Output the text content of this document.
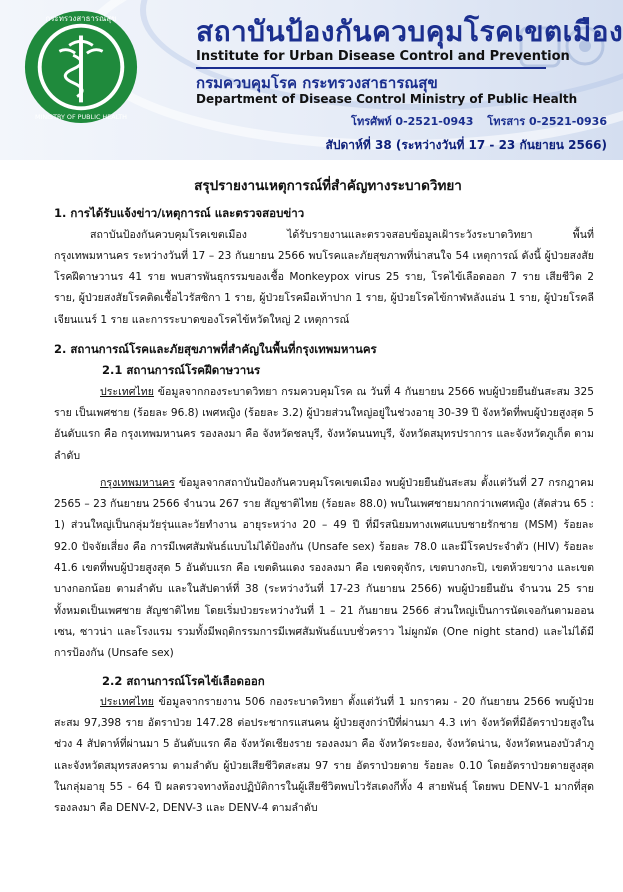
กระทรวงสาธารณสุข
MINISTRY OF PUBLIC HEALTH
สถาบันป้องกันควบคุมโรคเขตเมือง
Institute for Urban Disease Control and Prevention
กรมควบคุมโรค กระทรวงสาธารณสุข
Department of Disease Control Ministry of Public Health
โทรศัพท์ 0-2521-0943 โทรสาร 0-2521-0936
สัปดาห์ที่ 38 (ระหว่างวันที่ 17 - 23 กันยายน 2566)
สรุปรายงานเหตุการณ์ที่สำคัญทางระบาดวิทยา
1. การได้รับแจ้งข่าว/เหตุการณ์ และตรวจสอบข่าว
สถาบันป้องกันควบคุมโรคเขตเมือง ได้รับรายงานและตรวจสอบข้อมูลเฝ้าระวังระบาดวิทยา พื้นที่กรุงเทพมหานคร ระหว่างวันที่ 17 – 23 กันยายน 2566 พบโรคและภัยสุขภาพที่น่าสนใจ 54 เหตุการณ์ ดังนี้ ผู้ป่วยสงสัยโรคฝีดาษวานร 41 ราย พบสารพันธุกรรมของเชื้อ Monkeypox virus 25 ราย, โรคไข้เลือดออก 7 ราย เสียชีวิต 2 ราย, ผู้ป่วยสงสัยโรคติดเชื้อไวรัสซิกา 1 ราย, ผู้ป่วยโรคมือเท้าปาก 1 ราย, ผู้ป่วยโรคไข้กาฬหลังแอ่น 1 ราย, ผู้ป่วยโรคลีเจียนแนร์ 1 ราย และการระบาดของโรคไข้หวัดใหญ่ 2 เหตุการณ์
2. สถานการณ์โรคและภัยสุขภาพที่สำคัญในพื้นที่กรุงเทพมหานคร
2.1 สถานการณ์โรคฝีดาษวานร
ประเทศไทย ข้อมูลจากกองระบาดวิทยา กรมควบคุมโรค ณ วันที่ 4 กันยายน 2566 พบผู้ป่วยยืนยันสะสม 325 ราย เป็นเพศชาย (ร้อยละ 96.8) เพศหญิง (ร้อยละ 3.2) ผู้ป่วยส่วนใหญ่อยู่ในช่วงอายุ 30-39 ปี จังหวัดที่พบผู้ป่วยสูงสุด 5 อันดับแรก คือ กรุงเทพมหานคร รองลงมา คือ จังหวัดชลบุรี, จังหวัดนนทบุรี, จังหวัดสมุทรปราการ และจังหวัดภูเก็ต ตามลำดับ
กรุงเทพมหานคร ข้อมูลจากสถาบันป้องกันควบคุมโรคเขตเมือง พบผู้ป่วยยืนยันสะสม ตั้งแต่วันที่ 27 กรกฎาคม 2565 – 23 กันยายน 2566 จำนวน 267 ราย สัญชาติไทย (ร้อยละ 88.0) พบในเพศชายมากกว่าเพศหญิง (สัดส่วน 65 : 1) ส่วนใหญ่เป็นกลุ่มวัยรุ่นและวัยทำงาน อายุระหว่าง 20 – 49 ปี ที่มีรสนิยมทางเพศแบบชายรักชาย (MSM) ร้อยละ 92.0 ปัจจัยเสี่ยง คือ การมีเพศสัมพันธ์แบบไม่ได้ป้องกัน (Unsafe sex) ร้อยละ 78.0 และมีโรคประจำตัว (HIV) ร้อยละ 41.6 เขตที่พบผู้ป่วยสูงสุด 5 อันดับแรก คือ เขตดินแดง รองลงมา คือ เขตจตุจักร, เขตบางกะปิ, เขตห้วยขวาง และเขตบางกอกน้อย ตามลำดับ และในสัปดาห์ที่ 38 (ระหว่างวันที่ 17-23 กันยายน 2566) พบผู้ป่วยยืนยัน จำนวน 25 ราย ทั้งหมดเป็นเพศชาย สัญชาติไทย โดยเริ่มป่วยระหว่างวันที่ 1 – 21 กันยายน 2566 ส่วนใหญ่เป็นการนัดเจอกันตามออนเซน, ซาวน่า และโรงแรม รวมทั้งมีพฤติกรรมการมีเพศสัมพันธ์แบบชั่วคราว ไม่ผูกมัด (One night stand) และไม่ได้มีการป้องกัน (Unsafe sex)
2.2 สถานการณ์โรคไข้เลือดออก
ประเทศไทย ข้อมูลจากรายงาน 506 กองระบาดวิทยา ตั้งแต่วันที่ 1 มกราคม - 20 กันยายน 2566 พบผู้ป่วยสะสม 97,398 ราย อัตราป่วย 147.28 ต่อประชากรแสนคน ผู้ป่วยสูงกว่าปีที่ผ่านมา 4.3 เท่า จังหวัดที่มีอัตราป่วยสูงในช่วง 4 สัปดาห์ที่ผ่านมา 5 อันดับแรก คือ จังหวัดเชียงราย รองลงมา คือ จังหวัดระยอง, จังหวัดน่าน, จังหวัดหนองบัวลำภู และจังหวัดสมุทรสงคราม ตามลำดับ ผู้ป่วยเสียชีวิตสะสม 97 ราย อัตราป่วยตาย ร้อยละ 0.10 โดยอัตราป่วยตายสูงสุดในกลุ่มอายุ 55 - 64 ปี ผลตรวจทางห้องปฏิบัติการในผู้เสียชีวิตพบไวรัสเดงกีทั้ง 4 สายพันธุ์ โดยพบ DENV-1 มากที่สุด รองลงมา คือ DENV-2, DENV-3 และ DENV-4 ตามลำดับ
